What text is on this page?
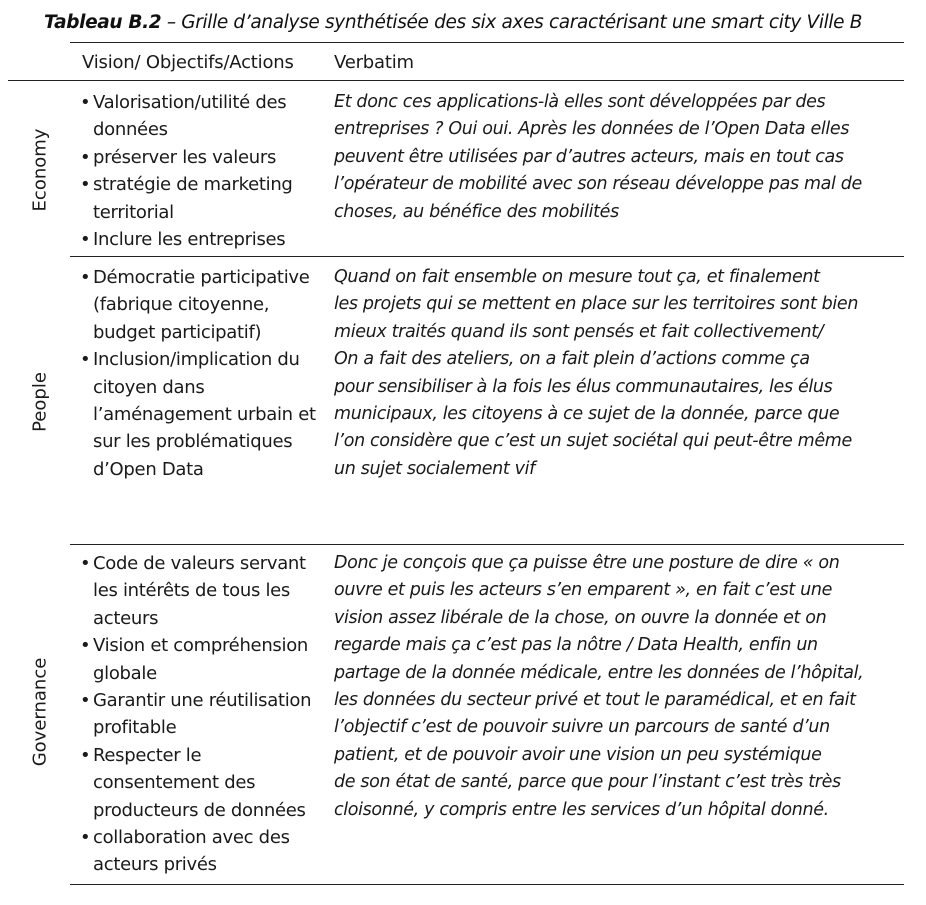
Tableau B.2 – Grille d’analyse synthétisée des six axes caractérisant une smart city Ville B
Vision/ Objectifs/Actions Verbatim
Economy
• Valorisation/utilité des données
• préserver les valeurs
• stratégie de marketing territorial
• Inclure les entreprises
Et donc ces applications-là elles sont développées par des
entreprises ? Oui oui. Après les données de l’Open Data elles
peuvent être utilisées par d’autres acteurs, mais en tout cas
l’opérateur de mobilité avec son réseau développe pas mal de
choses, au bénéfice des mobilités
People
• Démocratie participative (fabrique citoyenne, budget participatif)
• Inclusion/implication du citoyen dans l’aménagement urbain et sur les problématiques d’Open Data
Quand on fait ensemble on mesure tout ça, et finalement
les projets qui se mettent en place sur les territoires sont bien
mieux traités quand ils sont pensés et fait collectivement/
On a fait des ateliers, on a fait plein d’actions comme ça
pour sensibiliser à la fois les élus communautaires, les élus
municipaux, les citoyens à ce sujet de la donnée, parce que
l’on considère que c’est un sujet sociétal qui peut-être même
un sujet socialement vif
Governance
• Code de valeurs servant les intérêts de tous les acteurs
• Vision et compréhension globale
• Garantir une réutilisation profitable
• Respecter le consentement des producteurs de données
• collaboration avec des acteurs privés
Donc je conçois que ça puisse être une posture de dire « on
ouvre et puis les acteurs s’en emparent », en fait c’est une
vision assez libérale de la chose, on ouvre la donnée et on
regarde mais ça c’est pas la nôtre / Data Health, enfin un
partage de la donnée médicale, entre les données de l’hôpital,
les données du secteur privé et tout le paramédical, et en fait
l’objectif c’est de pouvoir suivre un parcours de santé d’un
patient, et de pouvoir avoir une vision un peu systémique
de son état de santé, parce que pour l’instant c’est très très
cloisonné, y compris entre les services d’un hôpital donné.
